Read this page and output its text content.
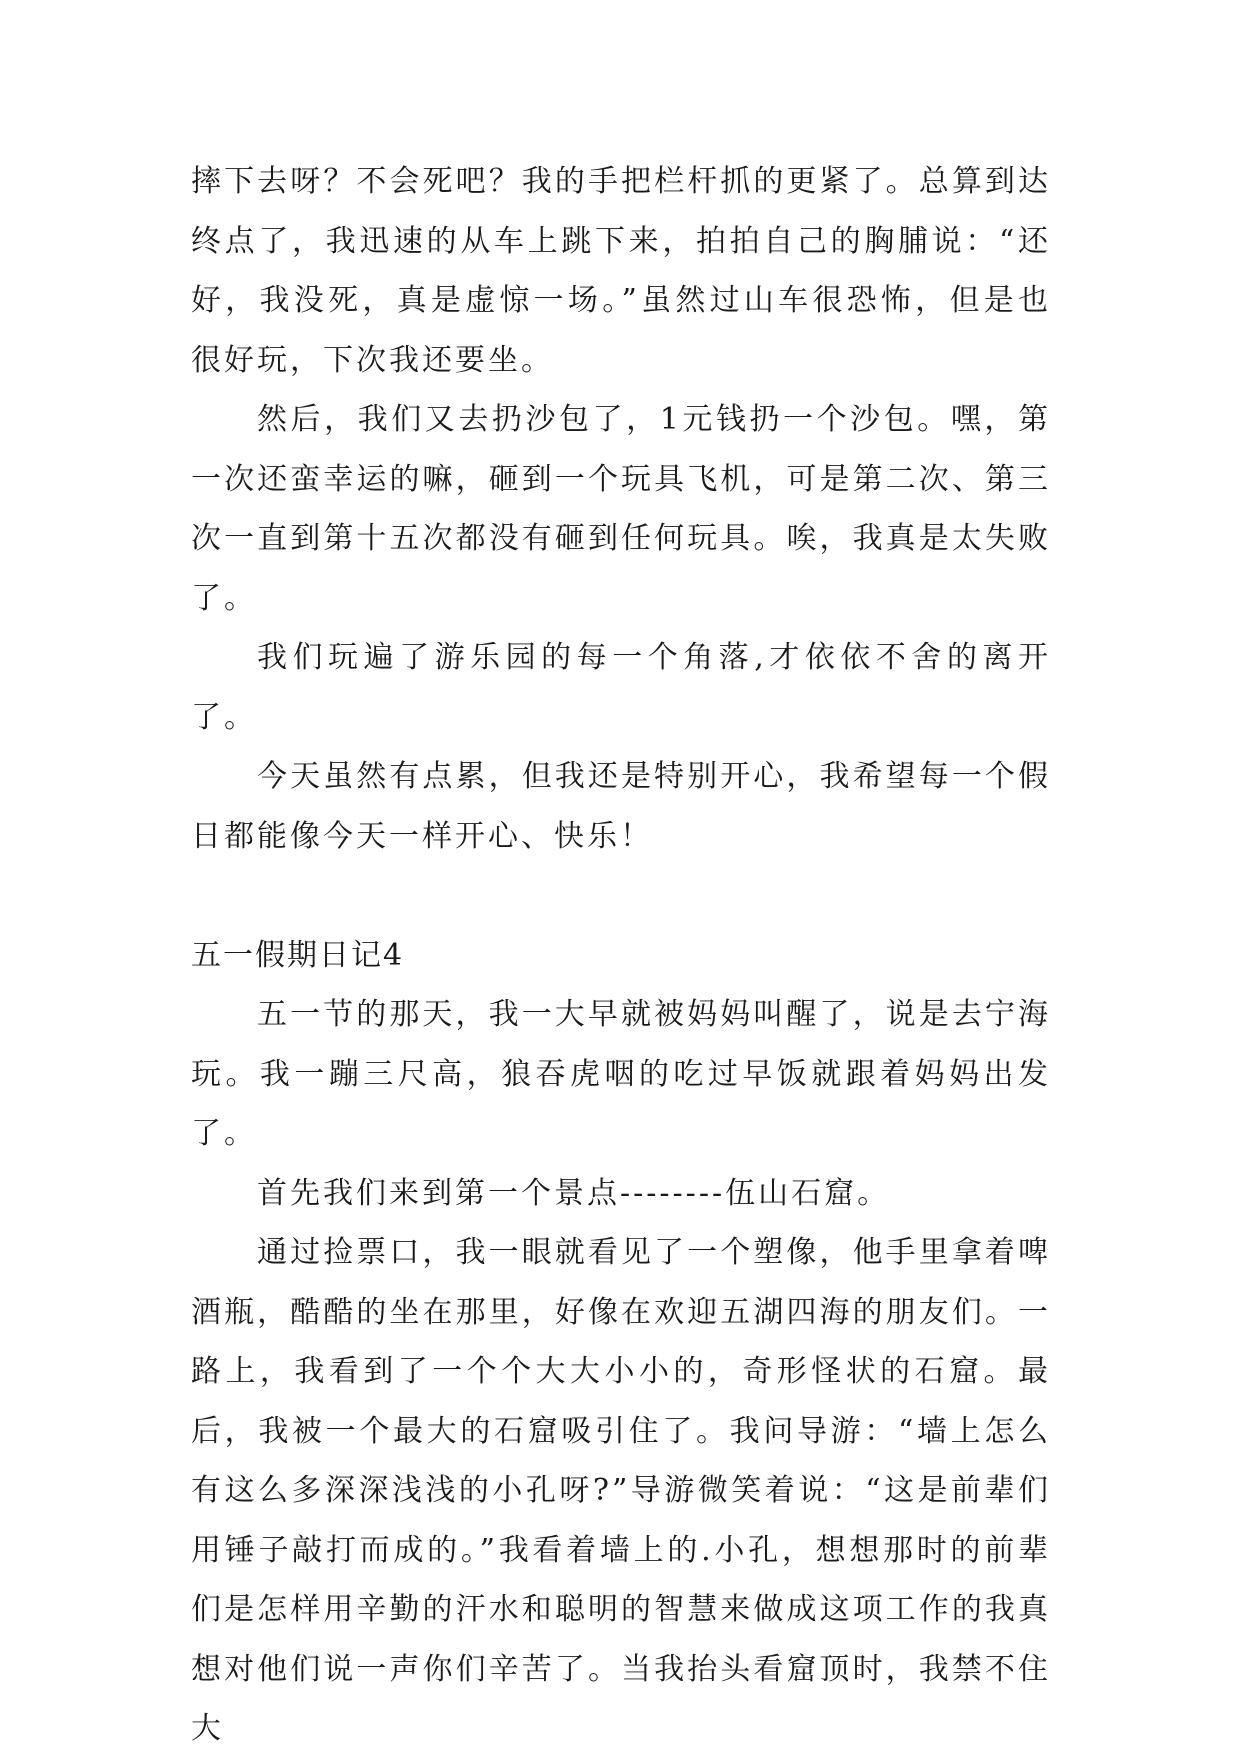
摔下去呀？不会死吧？我的手把栏杆抓的更紧了。总算到达终点了，我迅速的从车上跳下来，拍拍自己的胸脯说：“还好，我没死，真是虚惊一场。”虽然过山车很恐怖，但是也很好玩，下次我还要坐。

然后，我们又去扔沙包了，1元钱扔一个沙包。嘿，第一次还蛮幸运的嘛，砸到一个玩具飞机，可是第二次、第三次一直到第十五次都没有砸到任何玩具。唉，我真是太失败了。

我们玩遍了游乐园的每一个角落,才依依不舍的离开了。

今天虽然有点累，但我还是特别开心，我希望每一个假日都能像今天一样开心、快乐！

五一假期日记4

五一节的那天，我一大早就被妈妈叫醒了，说是去宁海玩。我一蹦三尺高，狼吞虎咽的吃过早饭就跟着妈妈出发了。

首先我们来到第一个景点--------伍山石窟。

通过捡票口，我一眼就看见了一个塑像，他手里拿着啤酒瓶，酷酷的坐在那里，好像在欢迎五湖四海的朋友们。一路上，我看到了一个个大大小小的，奇形怪状的石窟。最后，我被一个最大的石窟吸引住了。我问导游：“墙上怎么有这么多深深浅浅的小孔呀?”导游微笑着说：“这是前辈们用锤子敲打而成的。”我看着墙上的.小孔，想想那时的前辈们是怎样用辛勤的汗水和聪明的智慧来做成这项工作的我真想对他们说一声你们辛苦了。当我抬头看窟顶时，我禁不住大
